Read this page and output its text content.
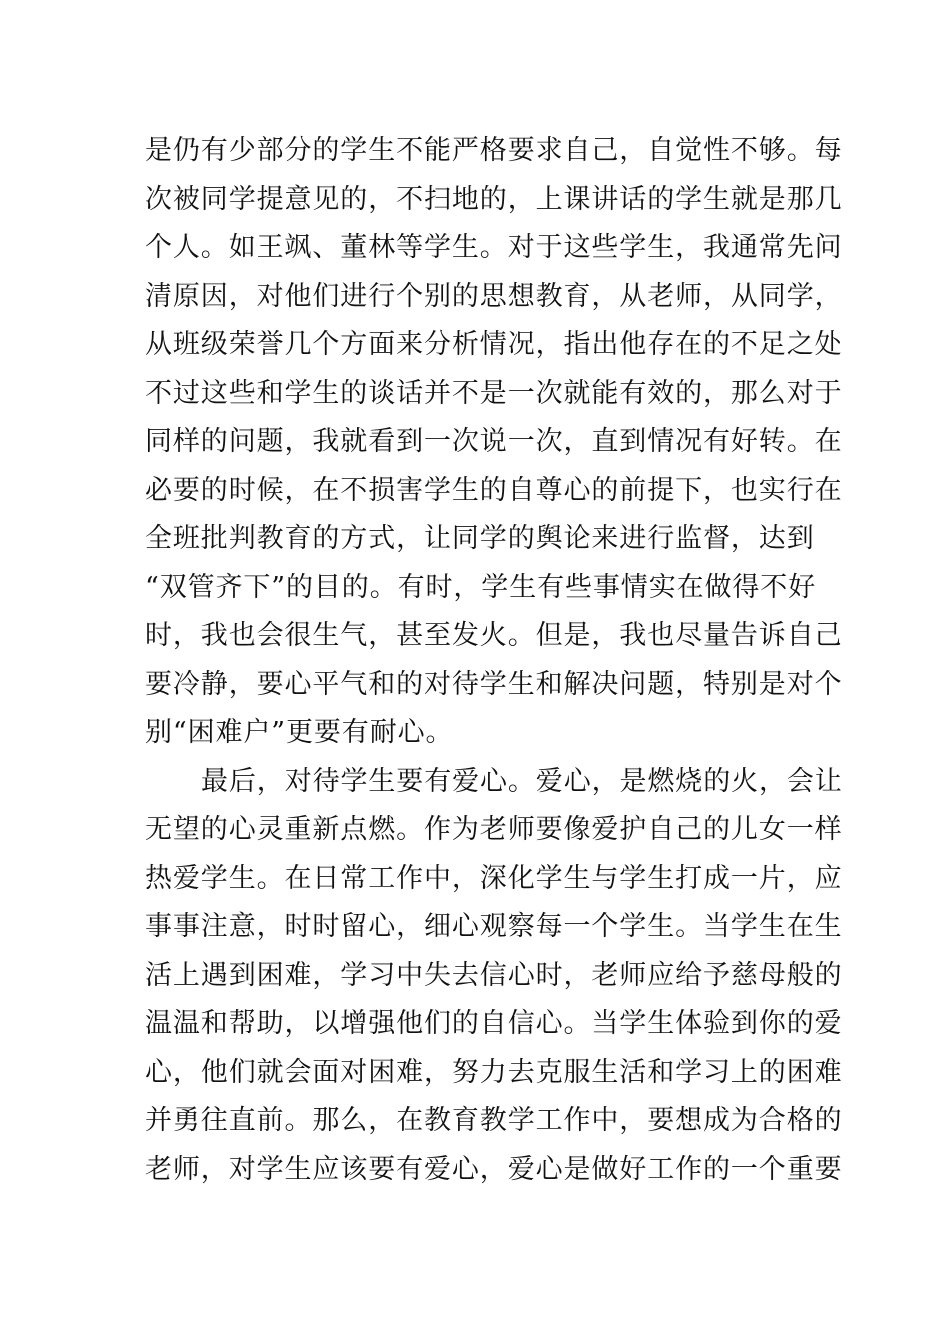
是仍有少部分的学生不能严格要求自己，自觉性不够。每
次被同学提意见的，不扫地的，上课讲话的学生就是那几
个人。如王飒、董林等学生。对于这些学生，我通常先问
清原因，对他们进行个别的思想教育，从老师，从同学，
从班级荣誉几个方面来分析情况，指出他存在的不足之处
不过这些和学生的谈话并不是一次就能有效的，那么对于
同样的问题，我就看到一次说一次，直到情况有好转。在
必要的时候，在不损害学生的自尊心的前提下，也实行在
全班批判教育的方式，让同学的舆论来进行监督，达到
“双管齐下”的目的。有时，学生有些事情实在做得不好
时，我也会很生气，甚至发火。但是，我也尽量告诉自己
要冷静，要心平气和的对待学生和解决问题，特别是对个
别“困难户”更要有耐心。
最后，对待学生要有爱心。爱心，是燃烧的火，会让
无望的心灵重新点燃。作为老师要像爱护自己的儿女一样
热爱学生。在日常工作中，深化学生与学生打成一片，应
事事注意，时时留心，细心观察每一个学生。当学生在生
活上遇到困难，学习中失去信心时，老师应给予慈母般的
温温和帮助，以增强他们的自信心。当学生体验到你的爱
心，他们就会面对困难，努力去克服生活和学习上的困难
并勇往直前。那么，在教育教学工作中，要想成为合格的
老师，对学生应该要有爱心，爱心是做好工作的一个重要
